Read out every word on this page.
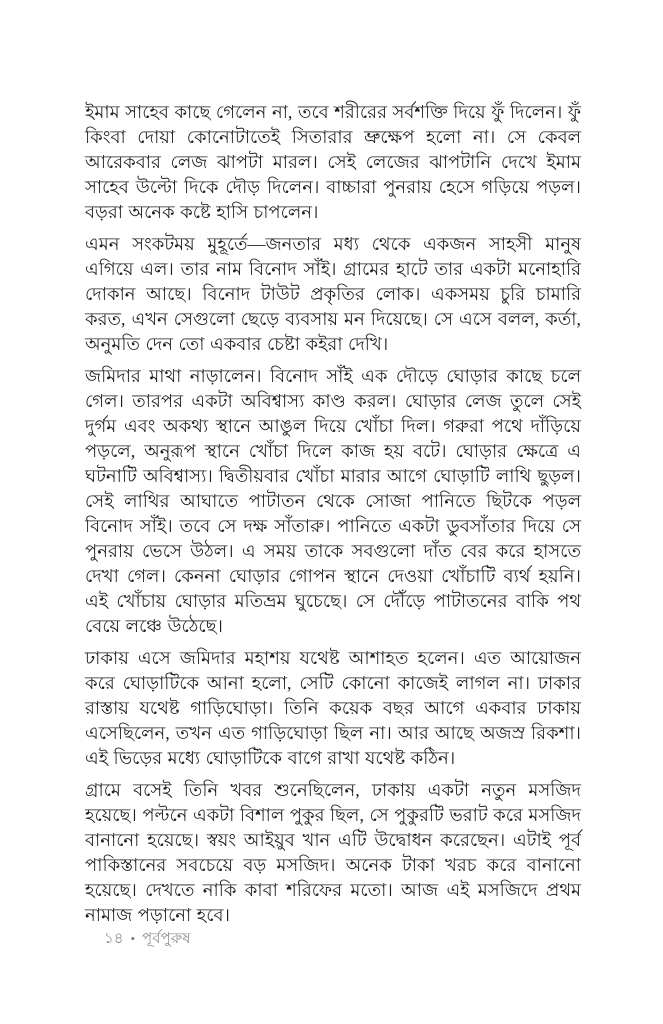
ইমাম সাহেব কাছে গেলেন না, তবে শরীরের সর্বশক্তি দিয়ে ফুঁ দিলেন। ফুঁ কিংবা দোয়া কোনোটাতেই সিতারার ভ্রুক্ষেপ হলো না। সে কেবল আরেকবার লেজ ঝাপটা মারল। সেই লেজের ঝাপটানি দেখে ইমাম সাহেব উল্টো দিকে দৌড় দিলেন। বাচ্চারা পুনরায় হেসে গড়িয়ে পড়ল। বড়রা অনেক কষ্টে হাসি চাপলেন।

এমন সংকটময় মুহূর্তে—জনতার মধ্য থেকে একজন সাহসী মানুষ এগিয়ে এল। তার নাম বিনোদ সাঁই। গ্রামের হাটে তার একটা মনোহারি দোকান আছে। বিনোদ টাউট প্রকৃতির লোক। একসময় চুরি চামারি করত, এখন সেগুলো ছেড়ে ব্যবসায় মন দিয়েছে। সে এসে বলল, কর্তা, অনুমতি দেন তো একবার চেষ্টা কইরা দেখি।

জমিদার মাথা নাড়ালেন। বিনোদ সাঁই এক দৌড়ে ঘোড়ার কাছে চলে গেল। তারপর একটা অবিশ্বাস্য কাণ্ড করল। ঘোড়ার লেজ তুলে সেই দুর্গম এবং অকথ্য স্থানে আঙুল দিয়ে খোঁচা দিল। গরুরা পথে দাঁড়িয়ে পড়লে, অনুরূপ স্থানে খোঁচা দিলে কাজ হয় বটে। ঘোড়ার ক্ষেত্রে এ ঘটনাটি অবিশ্বাস্য। দ্বিতীয়বার খোঁচা মারার আগে ঘোড়াটি লাথি ছুড়ল। সেই লাথির আঘাতে পাটাতন থেকে সোজা পানিতে ছিটকে পড়ল বিনোদ সাঁই। তবে সে দক্ষ সাঁতারু। পানিতে একটা ডুবসাঁতার দিয়ে সে পুনরায় ভেসে উঠল। এ সময় তাকে সবগুলো দাঁত বের করে হাসতে দেখা গেল। কেননা ঘোড়ার গোপন স্থানে দেওয়া খোঁচাটি ব্যর্থ হয়নি। এই খোঁচায় ঘোড়ার মতিভ্রম ঘুচেছে। সে দৌঁড়ে পাটাতনের বাকি পথ বেয়ে লঞ্চে উঠেছে।

ঢাকায় এসে জমিদার মহাশয় যথেষ্ট আশাহত হলেন। এত আয়োজন করে ঘোড়াটিকে আনা হলো, সেটি কোনো কাজেই লাগল না। ঢাকার রাস্তায় যথেষ্ট গাড়িঘোড়া। তিনি কয়েক বছর আগে একবার ঢাকায় এসেছিলেন, তখন এত গাড়িঘোড়া ছিল না। আর আছে অজস্র রিকশা। এই ভিড়ের মধ্যে ঘোড়াটিকে বাগে রাখা যথেষ্ট কঠিন।

গ্রামে বসেই তিনি খবর শুনেছিলেন, ঢাকায় একটা নতুন মসজিদ হয়েছে। পল্টনে একটা বিশাল পুকুর ছিল, সে পুকুরটি ভরাট করে মসজিদ বানানো হয়েছে। স্বয়ং আইয়ুব খান এটি উদ্বোধন করেছেন। এটাই পূর্ব পাকিস্তানের সবচেয়ে বড় মসজিদ। অনেক টাকা খরচ করে বানানো হয়েছে। দেখতে নাকি কাবা শরিফের মতো। আজ এই মসজিদে প্রথম নামাজ পড়ানো হবে।

১৪ • পূর্বপুরুষ
